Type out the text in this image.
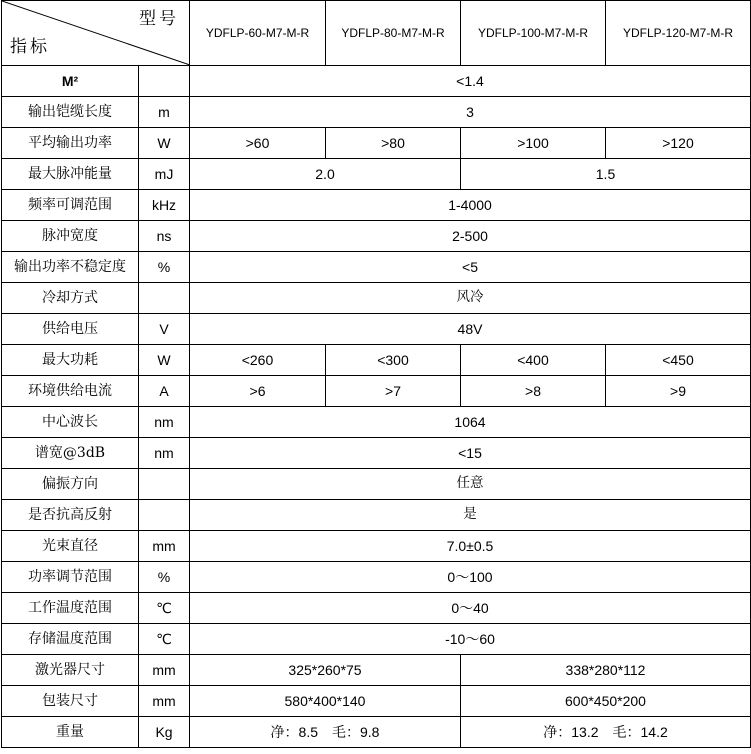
型号
指标		YDFLP-60-M7-M-R	YDFLP-80-M7-M-R	YDFLP-100-M7-M-R	YDFLP-120-M7-M-R
M²		<1.4			
输出铠缆长度	m	3			
平均输出功率	W	>60	>80	>100	>120
最大脉冲能量	mJ	2.0		1.5	
频率可调范围	kHz	1-4000			
脉冲宽度	ns	2-500			
输出功率不稳定度	%	<5			
冷却方式		风冷			
供给电压	V	48V			
最大功耗	W	<260	<300	<400	<450
环境供给电流	A	>6	>7	>8	>9
中心波长	nm	1064			
谱宽@3dB	nm	<15			
偏振方向		任意			
是否抗高反射		是			
光束直径	mm	7.0±0.5			
功率调节范围	%	0～100			
工作温度范围	℃	0～40			
存储温度范围	℃	-10～60			
激光器尺寸	mm	325*260*75		338*280*112	
包装尺寸	mm	580*400*140		600*450*200	
重量	Kg	净：8.5 毛：9.8		净：13.2 毛：14.2	
